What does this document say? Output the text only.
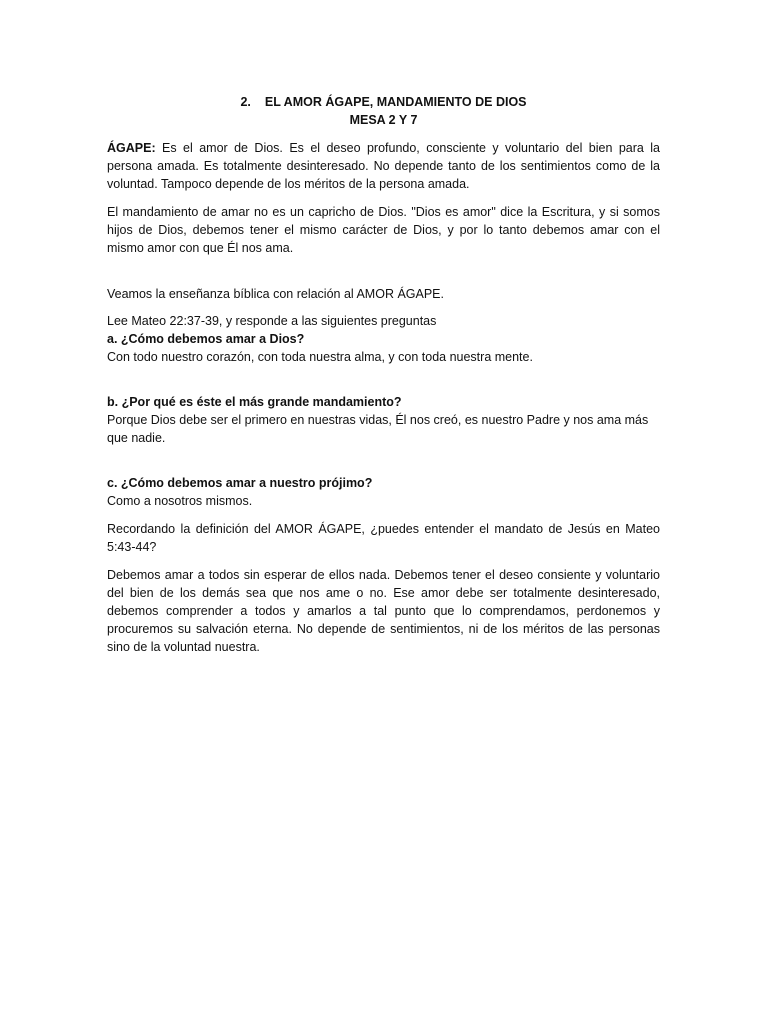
2. EL AMOR ÁGAPE, MANDAMIENTO DE DIOS
MESA 2 Y 7

ÁGAPE: Es el amor de Dios. Es el deseo profundo, consciente y voluntario del bien para la persona amada. Es totalmente desinteresado. No depende tanto de los sentimientos como de la voluntad. Tampoco depende de los méritos de la persona amada.

El mandamiento de amar no es un capricho de Dios. "Dios es amor" dice la Escritura, y si somos hijos de Dios, debemos tener el mismo carácter de Dios, y por lo tanto debemos amar con el mismo amor con que Él nos ama.

Veamos la enseñanza bíblica con relación al AMOR ÁGAPE.

Lee Mateo 22:37-39, y responde a las siguientes preguntas

a. ¿Cómo debemos amar a Dios?

Con todo nuestro corazón, con toda nuestra alma, y con toda nuestra mente.

b. ¿Por qué es éste el más grande mandamiento?

Porque Dios debe ser el primero en nuestras vidas, Él nos creó, es nuestro Padre y nos ama más que nadie.

c. ¿Cómo debemos amar a nuestro prójimo?

Como a nosotros mismos.

Recordando la definición del AMOR ÁGAPE, ¿puedes entender el mandato de Jesús en Mateo 5:43-44?

Debemos amar a todos sin esperar de ellos nada. Debemos tener el deseo consiente y voluntario del bien de los demás sea que nos ame o no. Ese amor debe ser totalmente desinteresado, debemos comprender a todos y amarlos a tal punto que lo comprendamos, perdonemos y procuremos su salvación eterna. No depende de sentimientos, ni de los méritos de las personas sino de la voluntad nuestra.
